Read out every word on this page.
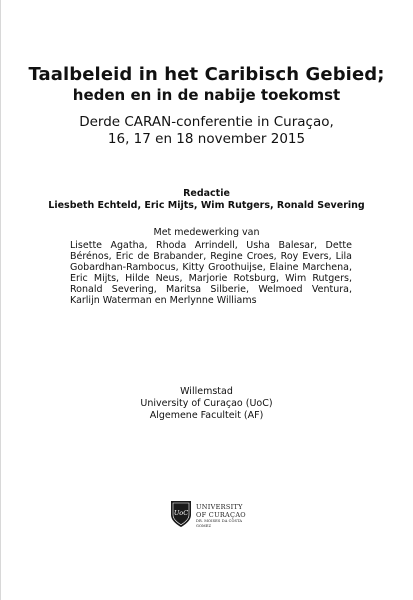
Taalbeleid in het Caribisch Gebied;
heden en in de nabije toekomst
Derde CARAN-conferentie in Curaçao,
16, 17 en 18 november 2015
Redactie
Liesbeth Echteld, Eric Mijts, Wim Rutgers, Ronald Severing
Met medewerking van
Lisette Agatha, Rhoda Arrindell, Usha Balesar, Dette Bérénos, Eric de Brabander, Regine Croes, Roy Evers, Lila Gobardhan-Rambocus, Kitty Groothuijse, Elaine Marchena, Eric Mijts, Hilde Neus, Marjorie Rotsburg, Wim Rutgers, Ronald Severing, Maritsa Silberie, Welmoed Ventura, Karlijn Waterman en Merlynne Williams
Willemstad
University of Curaçao (UoC)
Algemene Faculteit (AF)
UoC
UNIVERSITY
OF CURAÇAO
DR. MOISES DA COSTA GOMEZ
